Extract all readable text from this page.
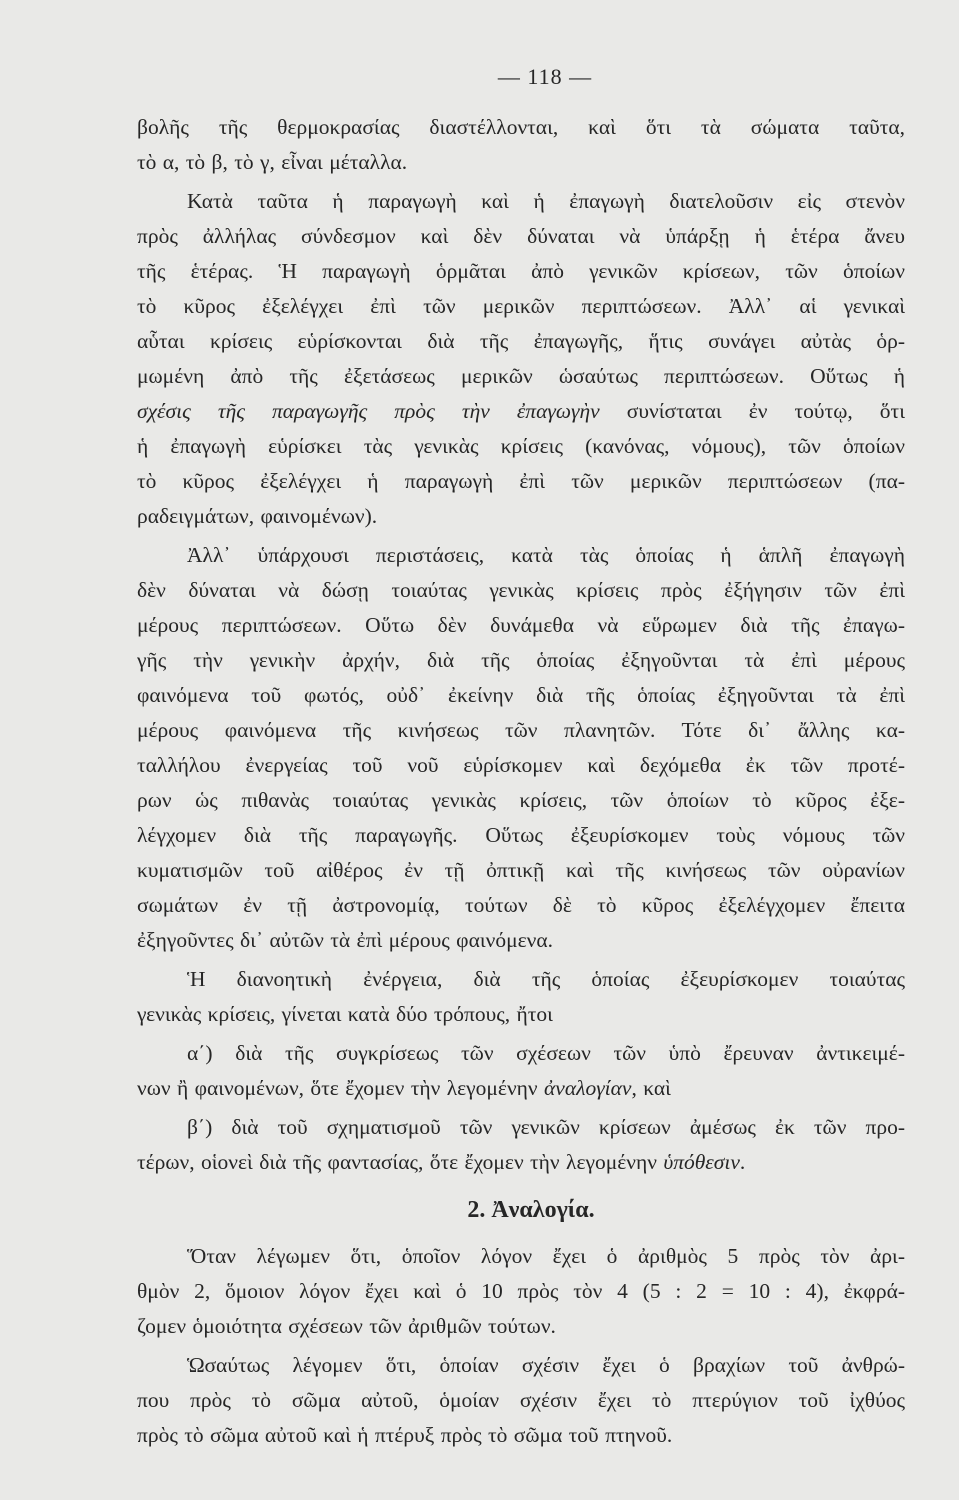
— 118 —
βολῆς τῆς θερμοκρασίας διαστέλλονται, καὶ ὅτι τὰ σώματα ταῦτα,
τὸ α, τὸ β, τὸ γ, εἶναι μέταλλα.
Κατὰ ταῦτα ἡ παραγωγὴ καὶ ἡ ἐπαγωγὴ διατελοῦσιν εἰς στενὸν
πρὸς ἀλλήλας σύνδεσμον καὶ δὲν δύναται νὰ ὑπάρξῃ ἡ ἑτέρα ἄνευ
τῆς ἑτέρας. Ἡ παραγωγὴ ὁρμᾶται ἀπὸ γενικῶν κρίσεων, τῶν ὁποίων
τὸ κῦρος ἐξελέγχει ἐπὶ τῶν μερικῶν περιπτώσεων. Ἀλλ᾽ αἱ γενικαὶ
αὗται κρίσεις εὑρίσκονται διὰ τῆς ἐπαγωγῆς, ἥτις συνάγει αὐτὰς ὁρ-
μωμένη ἀπὸ τῆς ἐξετάσεως μερικῶν ὡσαύτως περιπτώσεων. Οὕτως ἡ
σχέσις τῆς παραγωγῆς πρὸς τὴν ἐπαγωγὴν συνίσταται ἐν τούτῳ, ὅτι
ἡ ἐπαγωγὴ εὑρίσκει τὰς γενικὰς κρίσεις (κανόνας, νόμους), τῶν ὁποίων
τὸ κῦρος ἐξελέγχει ἡ παραγωγὴ ἐπὶ τῶν μερικῶν περιπτώσεων (πα-
ραδειγμάτων, φαινομένων).
Ἀλλ᾽ ὑπάρχουσι περιστάσεις, κατὰ τὰς ὁποίας ἡ ἁπλῆ ἐπαγωγὴ
δὲν δύναται νὰ δώσῃ τοιαύτας γενικὰς κρίσεις πρὸς ἐξήγησιν τῶν ἐπὶ
μέρους περιπτώσεων. Οὕτω δὲν δυνάμεθα νὰ εὕρωμεν διὰ τῆς ἐπαγω-
γῆς τὴν γενικὴν ἀρχήν, διὰ τῆς ὁποίας ἐξηγοῦνται τὰ ἐπὶ μέρους
φαινόμενα τοῦ φωτός, οὐδ᾽ ἐκείνην διὰ τῆς ὁποίας ἐξηγοῦνται τὰ ἐπὶ
μέρους φαινόμενα τῆς κινήσεως τῶν πλανητῶν. Τότε δι᾽ ἄλλης κα-
ταλλήλου ἐνεργείας τοῦ νοῦ εὑρίσκομεν καὶ δεχόμεθα ἐκ τῶν προτέ-
ρων ὡς πιθανὰς τοιαύτας γενικὰς κρίσεις, τῶν ὁποίων τὸ κῦρος ἐξε-
λέγχομεν διὰ τῆς παραγωγῆς. Οὕτως ἐξευρίσκομεν τοὺς νόμους τῶν
κυματισμῶν τοῦ αἰθέρος ἐν τῇ ὀπτικῇ καὶ τῆς κινήσεως τῶν οὐρανίων
σωμάτων ἐν τῇ ἀστρονομίᾳ, τούτων δὲ τὸ κῦρος ἐξελέγχομεν ἔπειτα
ἐξηγοῦντες δι᾽ αὐτῶν τὰ ἐπὶ μέρους φαινόμενα.
Ἡ διανοητικὴ ἐνέργεια, διὰ τῆς ὁποίας ἐξευρίσκομεν τοιαύτας
γενικὰς κρίσεις, γίνεται κατὰ δύο τρόπους, ἤτοι
α΄) διὰ τῆς συγκρίσεως τῶν σχέσεων τῶν ὑπὸ ἔρευναν ἀντικειμέ-
νων ἢ φαινομένων, ὅτε ἔχομεν τὴν λεγομένην ἀναλογίαν, καὶ
β΄) διὰ τοῦ σχηματισμοῦ τῶν γενικῶν κρίσεων ἀμέσως ἐκ τῶν προ-
τέρων, οἱονεὶ διὰ τῆς φαντασίας, ὅτε ἔχομεν τὴν λεγομένην ὑπόθεσιν.
2. Ἀναλογία.
Ὅταν λέγωμεν ὅτι, ὁποῖον λόγον ἔχει ὁ ἀριθμὸς 5 πρὸς τὸν ἀρι-
θμὸν 2, ὅμοιον λόγον ἔχει καὶ ὁ 10 πρὸς τὸν 4 (5 : 2 = 10 : 4), ἐκφρά-
ζομεν ὁμοιότητα σχέσεων τῶν ἀριθμῶν τούτων.
Ὡσαύτως λέγομεν ὅτι, ὁποίαν σχέσιν ἔχει ὁ βραχίων τοῦ ἀνθρώ-
που πρὸς τὸ σῶμα αὐτοῦ, ὁμοίαν σχέσιν ἔχει τὸ πτερύγιον τοῦ ἰχθύος
πρὸς τὸ σῶμα αὐτοῦ καὶ ἡ πτέρυξ πρὸς τὸ σῶμα τοῦ πτηνοῦ.
